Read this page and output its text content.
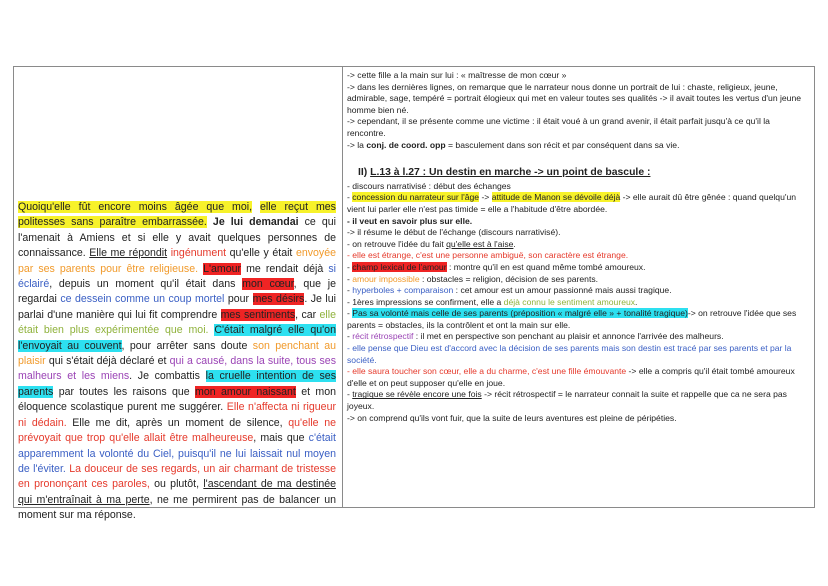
Quoiqu'elle fût encore moins âgée que moi, elle reçut mes politesses sans paraître embarrassée. Je lui demandai ce qui l'amenait à Amiens et si elle y avait quelques personnes de connaissance. Elle me répondit ingénument qu'elle y était envoyée par ses parents pour être religieuse. L'amour me rendait déjà si éclairé, depuis un moment qu'il était dans mon cœur, que je regardai ce dessein comme un coup mortel pour mes désirs. Je lui parlai d'une manière qui lui fit comprendre mes sentiments, car elle était bien plus expérimentée que moi. C'était malgré elle qu'on l'envoyait au couvent, pour arrêter sans doute son penchant au plaisir qui s'était déjà déclaré et qui a causé, dans la suite, tous ses malheurs et les miens. Je combattis la cruelle intention de ses parents par toutes les raisons que mon amour naissant et mon éloquence scolastique purent me suggérer. Elle n'affecta ni rigueur ni dédain. Elle me dit, après un moment de silence, qu'elle ne prévoyait que trop qu'elle allait être malheureuse, mais que c'était apparemment la volonté du Ciel, puisqu'il ne lui laissait nul moyen de l'éviter. La douceur de ses regards, un air charmant de tristesse en prononçant ces paroles, ou plutôt, l'ascendant de ma destinée qui m'entraînait à ma perte, ne me permirent pas de balancer un moment sur ma réponse.
-> cette fille a la main sur lui : « maîtresse de mon cœur »
-> dans les dernières lignes, on remarque que le narrateur nous donne un portrait de lui : chaste, religieux, jeune, admirable, sage, tempéré = portrait élogieux qui met en valeur toutes ses qualités -> il avait toutes les vertus d'un jeune homme bien né.
-> cependant, il se présente comme une victime : il était voué à un grand avenir, il était parfait jusqu'à ce qu'il la rencontre.
-> la conj. de coord. opp = basculement dans son récit et par conséquent dans sa vie.
II) L.13 à l.27 : Un destin en marche -> un point de bascule :
- discours narrativisé : début des échanges
- concession du narrateur sur l'âge -> attitude de Manon se dévoile déjà -> elle aurait dû être gênée : quand quelqu'un vient lui parler elle n'est pas timide = elle a l'habitude d'être abordée.
- il veut en savoir plus sur elle.
-> il résume le début de l'échange (discours narrativisé).
- on retrouve l'idée du fait qu'elle est à l'aise.
- elle est étrange, c'est une personne ambiguë, son caractère est étrange.
- champ lexical de l'amour : montre qu'il en est quand même tombé amoureux.
- amour impossible : obstacles = religion, décision de ses parents.
- hyperboles + comparaison : cet amour est un amour passionné mais aussi tragique.
- 1ères impressions se confirment, elle a déjà connu le sentiment amoureux.
- Pas sa volonté mais celle de ses parents (préposition « malgré elle » + tonalité tragique)-> on retrouve l'idée que ses parents = obstacles, ils la contrôlent et ont la main sur elle.
- récit rétrospectif : il met en perspective son penchant au plaisir et annonce l'arrivée des malheurs.
- elle pense que Dieu est d'accord avec la décision de ses parents mais son destin est tracé par ses parents et par la société.
- elle saura toucher son cœur, elle a du charme, c'est une fille émouvante -> elle a compris qu'il était tombé amoureux d'elle et on peut supposer qu'elle en joue.
- tragique se révèle encore une fois -> récit rétrospectif = le narrateur connait la suite et rappelle que ca ne sera pas joyeux.
-> on comprend qu'ils vont fuir, que la suite de leurs aventures est pleine de péripéties.
